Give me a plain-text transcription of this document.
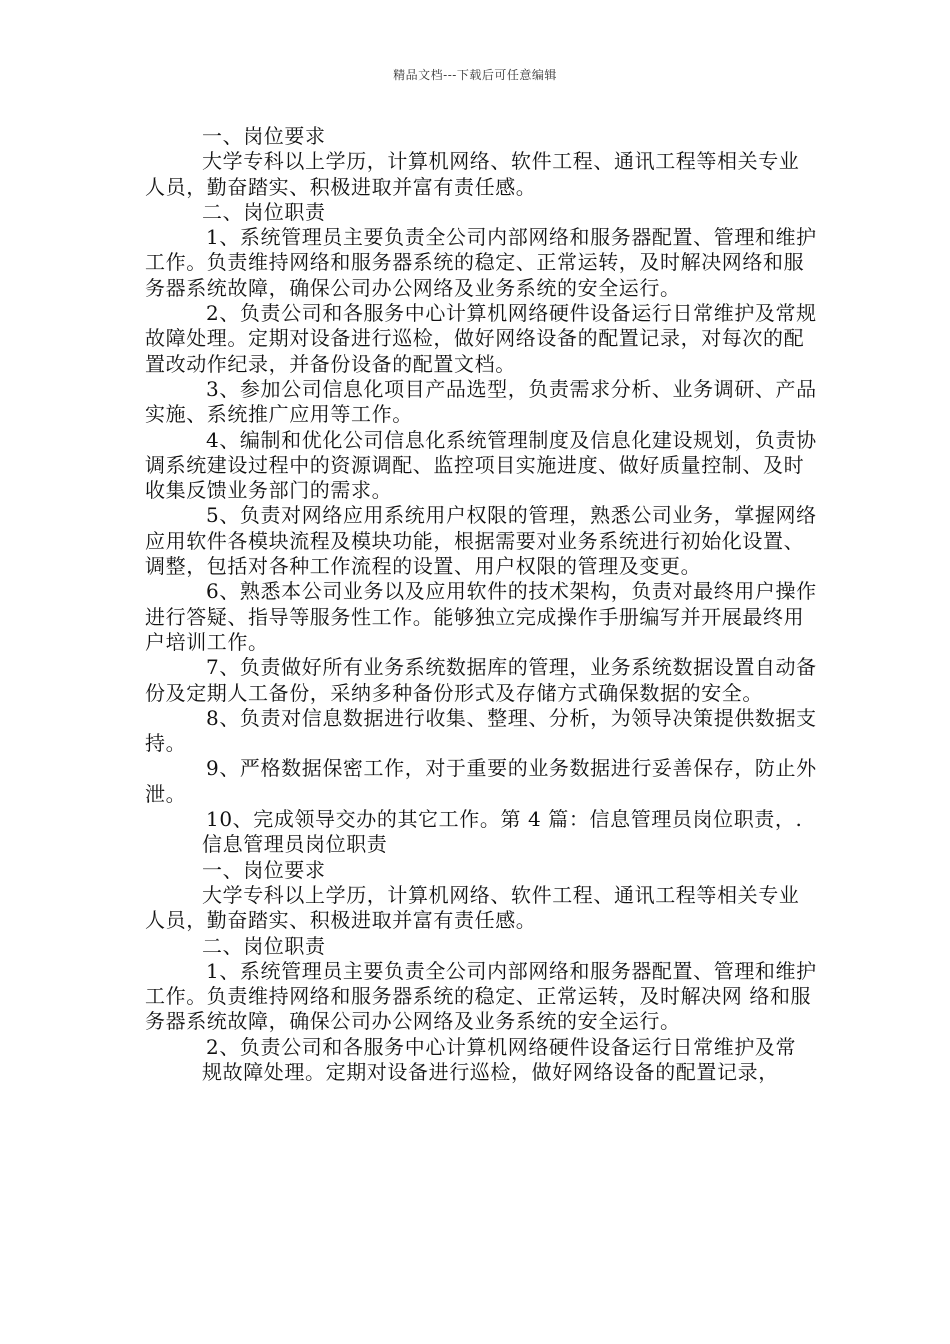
精品文档---下载后可任意编辑

一、岗位要求

大学专科以上学历，计算机网络、软件工程、通讯工程等相关专业人员，勤奋踏实、积极进取并富有责任感。

二、岗位职责

1、系统管理员主要负责全公司内部网络和服务器配置、管理和维护工作。负责维持网络和服务器系统的稳定、正常运转，及时解决网络和服务器系统故障，确保公司办公网络及业务系统的安全运行。

2、负责公司和各服务中心计算机网络硬件设备运行日常维护及常规故障处理。定期对设备进行巡检，做好网络设备的配置记录，对每次的配置改动作纪录，并备份设备的配置文档。

3、参加公司信息化项目产品选型，负责需求分析、业务调研、产品实施、系统推广应用等工作。

4、编制和优化公司信息化系统管理制度及信息化建设规划，负责协调系统建设过程中的资源调配、监控项目实施进度、做好质量控制、及时收集反馈业务部门的需求。

5、负责对网络应用系统用户权限的管理，熟悉公司业务，掌握网络应用软件各模块流程及模块功能，根据需要对业务系统进行初始化设置、调整，包括对各种工作流程的设置、用户权限的管理及变更。

6、熟悉本公司业务以及应用软件的技术架构，负责对最终用户操作进行答疑、指导等服务性工作。能够独立完成操作手册编写并开展最终用户培训工作。

7、负责做好所有业务系统数据库的管理，业务系统数据设置自动备份及定期人工备份，采纳多种备份形式及存储方式确保数据的安全。

8、负责对信息数据进行收集、整理、分析，为领导决策提供数据支持。

9、严格数据保密工作，对于重要的业务数据进行妥善保存，防止外泄。

10、完成领导交办的其它工作。第 4 篇：信息管理员岗位职责，.

信息管理员岗位职责

一、岗位要求

大学专科以上学历，计算机网络、软件工程、通讯工程等相关专业人员，勤奋踏实、积极进取并富有责任感。

二、岗位职责

1、系统管理员主要负责全公司内部网络和服务器配置、管理和维护工作。负责维持网络和服务器系统的稳定、正常运转，及时解决网 络和服务器系统故障，确保公司办公网络及业务系统的安全运行。

2、负责公司和各服务中心计算机网络硬件设备运行日常维护及常

规故障处理。定期对设备进行巡检，做好网络设备的配置记录，
